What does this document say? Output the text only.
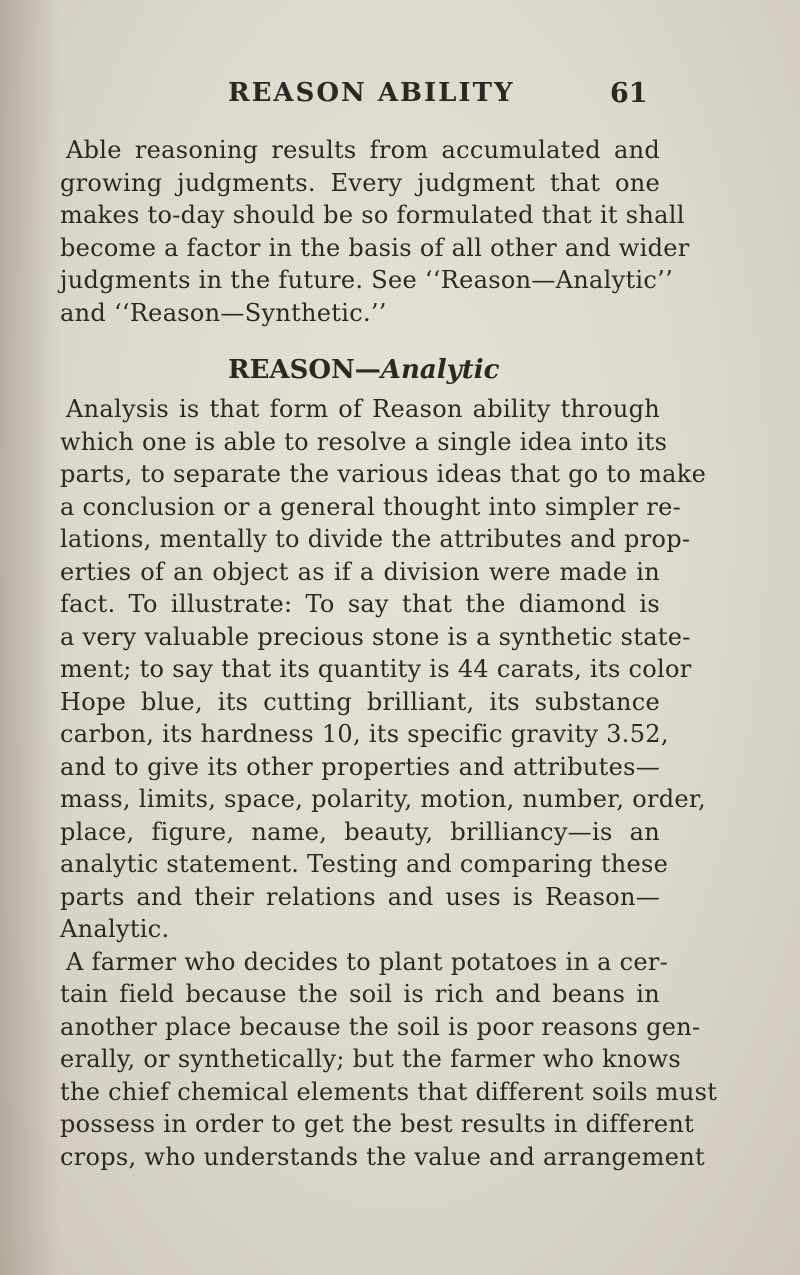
REASON ABILITY	61
Able reasoning results from accumulated and
growing judgments. Every judgment that one
makes to-day should be so formulated that it shall
become a factor in the basis of all other and wider
judgments in the future. See ‘‘Reason—Analytic’’
and ‘‘Reason—Synthetic.’’
REASON—Analytic
Analysis is that form of Reason ability through
which one is able to resolve a single idea into its
parts, to separate the various ideas that go to make
a conclusion or a general thought into simpler re-
lations, mentally to divide the attributes and prop-
erties of an object as if a division were made in
fact. To illustrate: To say that the diamond is
a very valuable precious stone is a synthetic state-
ment; to say that its quantity is 44 carats, its color
Hope blue, its cutting brilliant, its substance
carbon, its hardness 10, its specific gravity 3.52,
and to give its other properties and attributes—
mass, limits, space, polarity, motion, number, order,
place, figure, name, beauty, brilliancy—is an
analytic statement. Testing and comparing these
parts and their relations and uses is Reason—
Analytic.
A farmer who decides to plant potatoes in a cer-
tain field because the soil is rich and beans in
another place because the soil is poor reasons gen-
erally, or synthetically; but the farmer who knows
the chief chemical elements that different soils must
possess in order to get the best results in different
crops, who understands the value and arrangement
